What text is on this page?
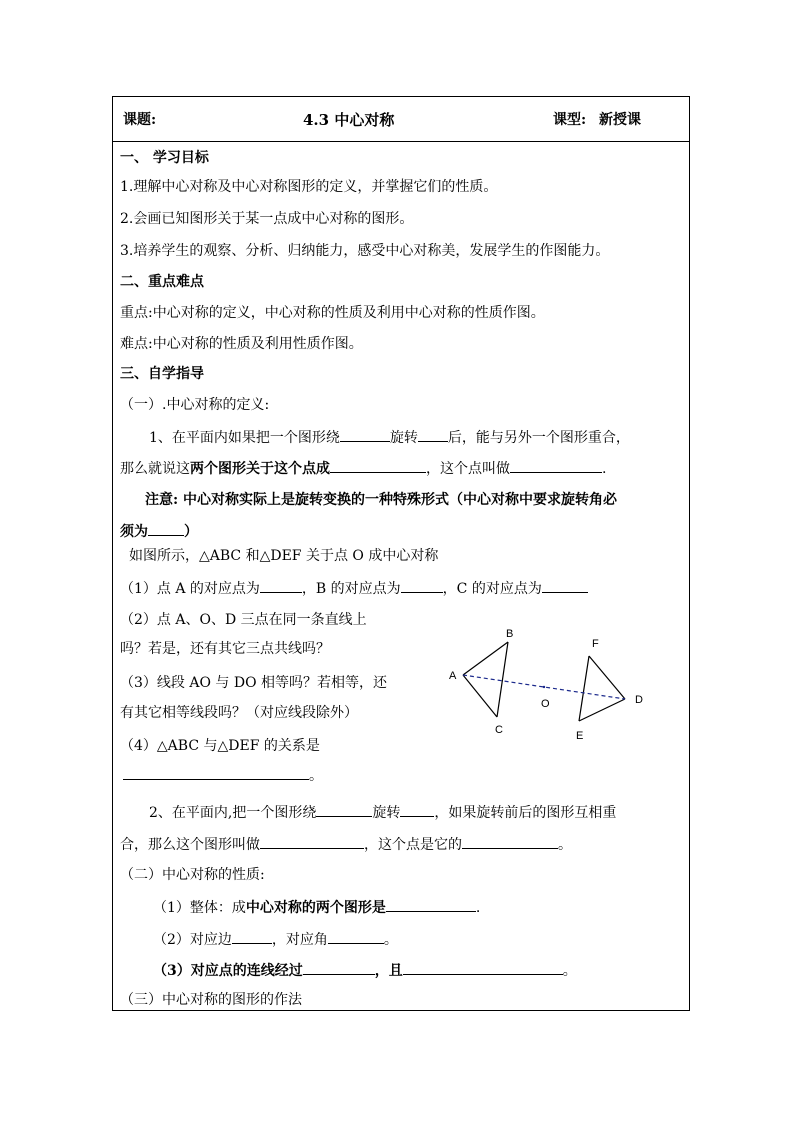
课题:	4.3 中心对称	课型: 新授课
一、 学习目标
1.理解中心对称及中心对称图形的定义，并掌握它们的性质。
2.会画已知图形关于某一点成中心对称的图形。
3.培养学生的观察、分析、归纳能力，感受中心对称美，发展学生的作图能力。
二、重点难点
重点:中心对称的定义，中心对称的性质及利用中心对称的性质作图。
难点:中心对称的性质及利用性质作图。
三、自学指导
（一）.中心对称的定义:
1、在平面内如果把一个图形绕	旋转 后，能与另外一个图形重合，
那么就说这两个图形关于这个点成	，这个点叫做	.
注意: 中心对称实际上是旋转变换的一种特殊形式（中心对称中要求旋转角必
须为	）
如图所示，△ABC 和△DEF 关于点 O 成中心对称
（1）点 A 的对应点为	，B 的对应点为	，C 的对应点为
（2）点 A、O、D 三点在同一条直线上
吗？若是，还有其它三点共线吗？
（3）线段 AO 与 DO 相等吗？若相等，还
有其它相等线段吗？（对应线段除外）
（4）△ABC 与△DEF 的关系是
。
A
B
C
D
E
F
O
2、在平面内,把一个图形绕	旋转 ，如果旋转前后的图形互相重
合，那么这个图形叫做	，这个点是它的	。
（二）中心对称的性质:
（1）整体：成中心对称的两个图形是	.
（2）对应边	，对应角	。
（3）对应点的连线经过	，且	。
（三）中心对称的图形的作法
